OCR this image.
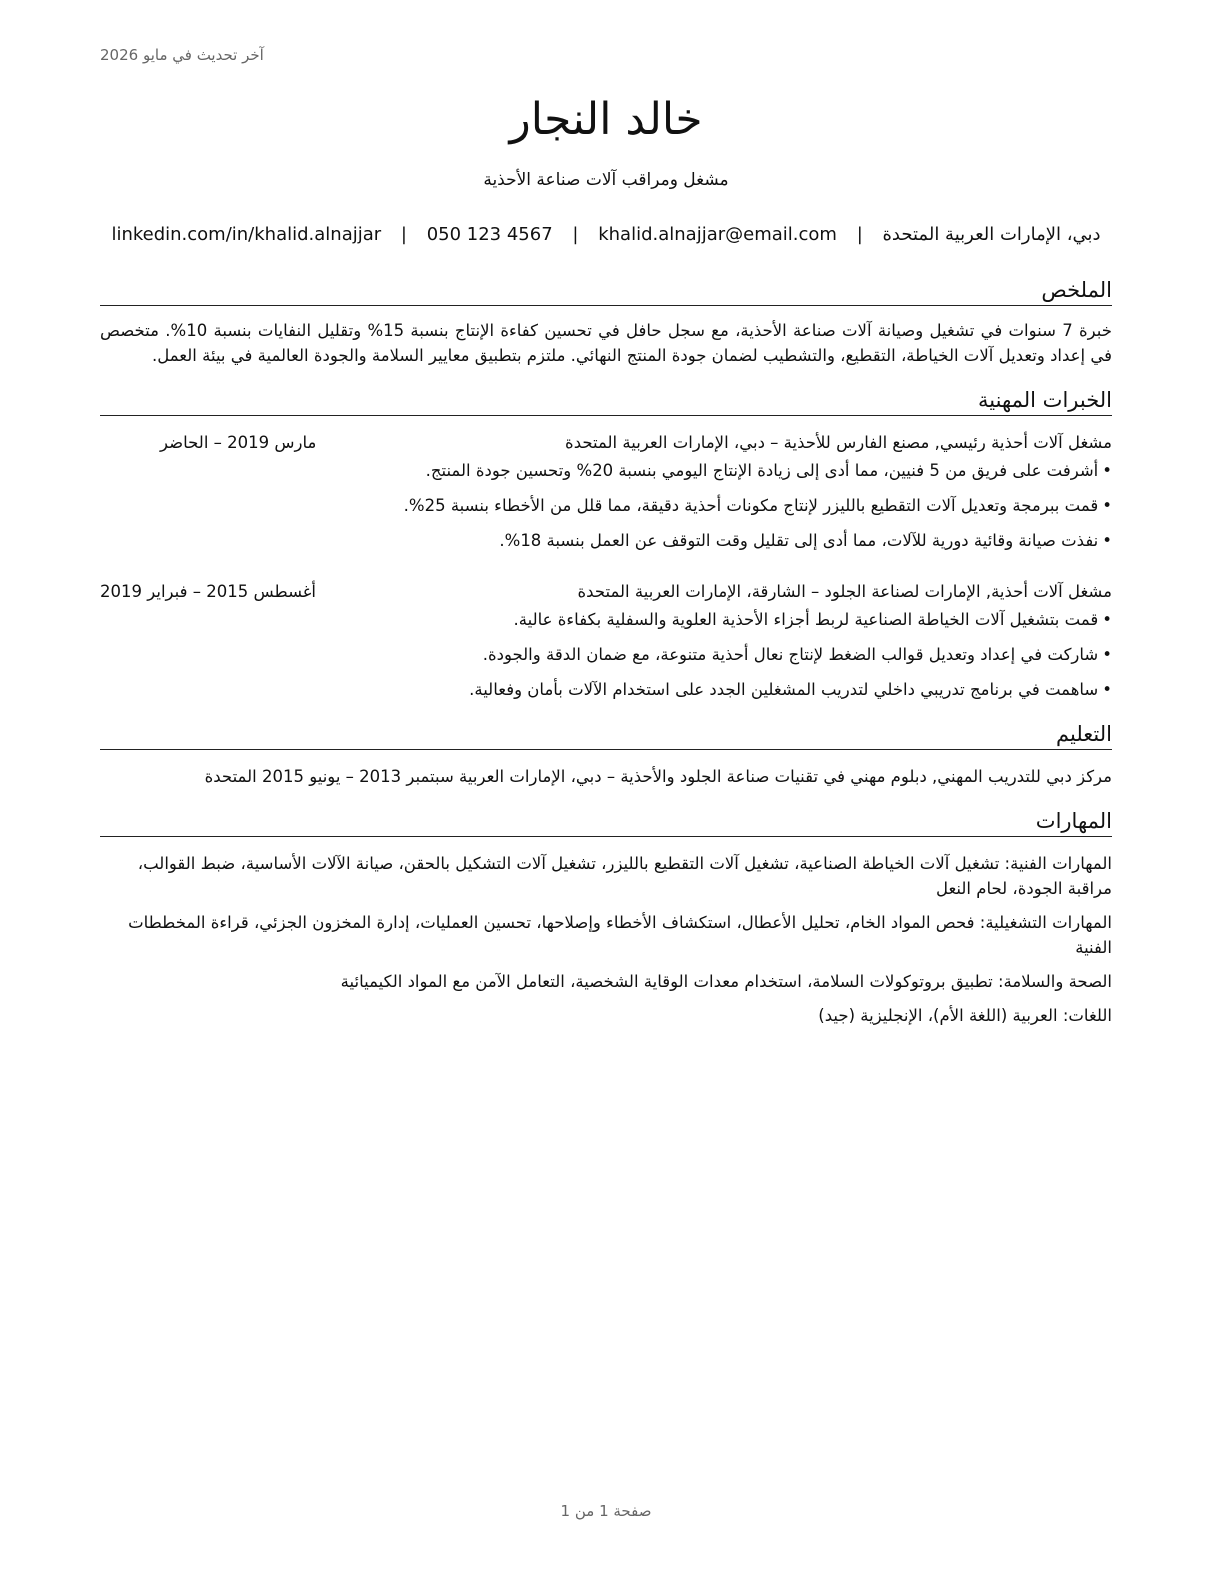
آخر تحديث في مايو 2026
خالد النجار
مشغل ومراقب آلات صناعة الأحذية
دبي، الإمارات العربية المتحدة | khalid.alnajjar@email.com | 050 123 4567 | linkedin.com/in/khalid.alnajjar
الملخص

خبرة 7 سنوات في تشغيل وصيانة آلات صناعة الأحذية، مع سجل حافل في تحسين كفاءة الإنتاج بنسبة 15% وتقليل النفايات بنسبة 10%. متخصص في إعداد وتعديل آلات الخياطة، التقطيع، والتشطيب لضمان جودة المنتج النهائي. ملتزم بتطبيق معايير السلامة والجودة العالمية في بيئة العمل.

الخبرات المهنية
مشغل آلات أحذية رئيسي, مصنع الفارس للأحذية – دبي، الإمارات العربية المتحدة
مارس 2019 – الحاضر
•أشرفت على فريق من 5 فنيين، مما أدى إلى زيادة الإنتاج اليومي بنسبة 20% وتحسين جودة المنتج.
•قمت ببرمجة وتعديل آلات التقطيع بالليزر لإنتاج مكونات أحذية دقيقة، مما قلل من الأخطاء بنسبة 25%.
•نفذت صيانة وقائية دورية للآلات، مما أدى إلى تقليل وقت التوقف عن العمل بنسبة 18%.
مشغل آلات أحذية, الإمارات لصناعة الجلود – الشارقة، الإمارات العربية المتحدة
أغسطس 2015 – فبراير 2019
•قمت بتشغيل آلات الخياطة الصناعية لربط أجزاء الأحذية العلوية والسفلية بكفاءة عالية.
•شاركت في إعداد وتعديل قوالب الضغط لإنتاج نعال أحذية متنوعة، مع ضمان الدقة والجودة.
•ساهمت في برنامج تدريبي داخلي لتدريب المشغلين الجدد على استخدام الآلات بأمان وفعالية.
التعليم

مركز دبي للتدريب المهني, دبلوم مهني في تقنيات صناعة الجلود والأحذية – دبي، الإمارات العربية سبتمبر 2013 – يونيو 2015 المتحدة

المهارات

المهارات الفنية: تشغيل آلات الخياطة الصناعية، تشغيل آلات التقطيع بالليزر، تشغيل آلات التشكيل بالحقن، صيانة الآلات الأساسية، ضبط القوالب، مراقبة الجودة، لحام النعل

المهارات التشغيلية: فحص المواد الخام، تحليل الأعطال، استكشاف الأخطاء وإصلاحها، تحسين العمليات، إدارة المخزون الجزئي، قراءة المخططات الفنية

الصحة والسلامة: تطبيق بروتوكولات السلامة، استخدام معدات الوقاية الشخصية، التعامل الآمن مع المواد الكيميائية

اللغات: العربية (اللغة الأم)، الإنجليزية (جيد)

صفحة 1 من 1
